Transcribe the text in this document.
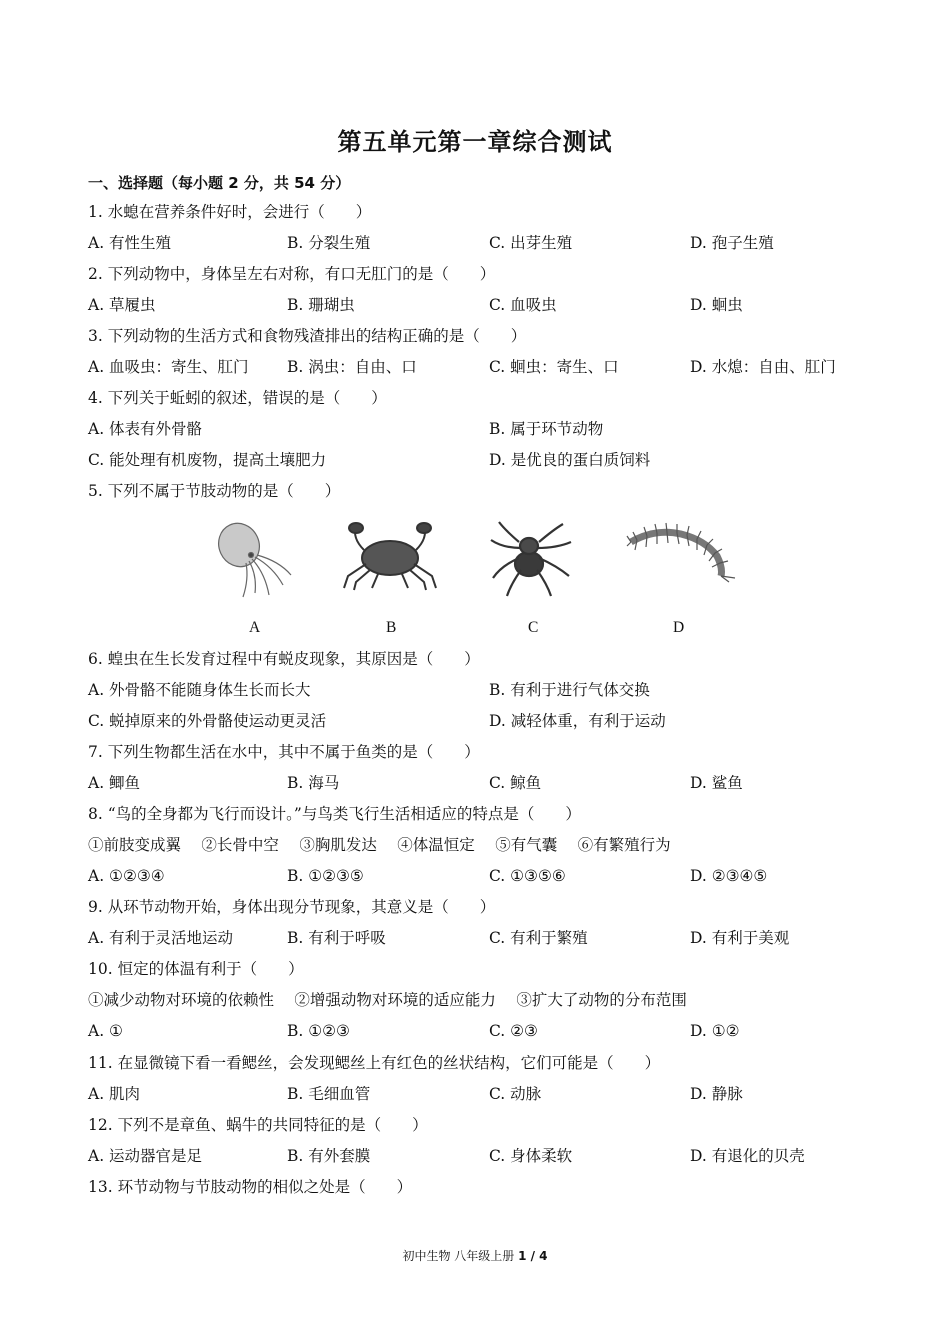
第五单元第一章综合测试
一、选择题（每小题 2 分，共 54 分）
1. 水螅在营养条件好时，会进行（　　）
A. 有性生殖	B. 分裂生殖	C. 出芽生殖	D. 孢子生殖
2. 下列动物中，身体呈左右对称，有口无肛门的是（　　）
A. 草履虫	B. 珊瑚虫	C. 血吸虫	D. 蛔虫
3. 下列动物的生活方式和食物残渣排出的结构正确的是（　　）
A. 血吸虫：寄生、肛门 B. 涡虫：自由、口	C. 蛔虫：寄生、口	D. 水熄：自由、肛门
4. 下列关于蚯蚓的叙述，错误的是（　　）
A. 体表有外骨骼	B. 属于环节动物
C. 能处理有机废物，提高土壤肥力	D. 是优良的蛋白质饲料
5. 下列不属于节肢动物的是（　　）
A	B	C	D
6. 蝗虫在生长发育过程中有蜕皮现象，其原因是（　　）
A. 外骨骼不能随身体生长而长大	B. 有利于进行气体交换
C. 蜕掉原来的外骨骼使运动更灵活	D. 减轻体重，有利于运动
7. 下列生物都生活在水中，其中不属于鱼类的是（　　）
A. 鲫鱼	B. 海马	C. 鲸鱼	D. 鲨鱼
8. “鸟的全身都为飞行而设计。”与鸟类飞行生活相适应的特点是（　　）
①前肢变成翼　 ②长骨中空　 ③胸肌发达　 ④体温恒定　 ⑤有气囊　 ⑥有繁殖行为
A. ①②③④	B. ①②③⑤	C. ①③⑤⑥	D. ②③④⑤
9. 从环节动物开始，身体出现分节现象，其意义是（　　）
A. 有利于灵活地运动	B. 有利于呼吸	C. 有利于繁殖	D. 有利于美观
10. 恒定的体温有利于（　　）
①减少动物对环境的依赖性　 ②增强动物对环境的适应能力　 ③扩大了动物的分布范围
A. ①	B. ①②③	C. ②③	D. ①②
11. 在显微镜下看一看鳃丝，会发现鳃丝上有红色的丝状结构，它们可能是（　　）
A. 肌肉	B. 毛细血管	C. 动脉	D. 静脉
12. 下列不是章鱼、蜗牛的共同特征的是（　　）
A. 运动器官是足	B. 有外套膜	C. 身体柔软	D. 有退化的贝壳
13. 环节动物与节肢动物的相似之处是（　　）
初中生物 八年级上册 1 / 4
